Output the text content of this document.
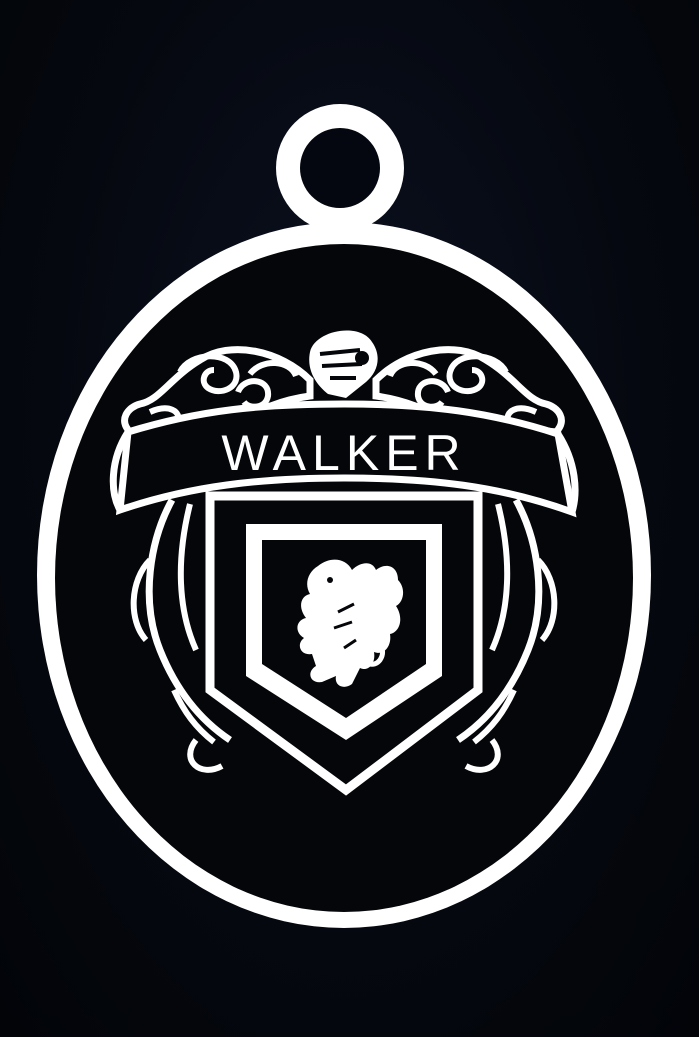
WALKER
